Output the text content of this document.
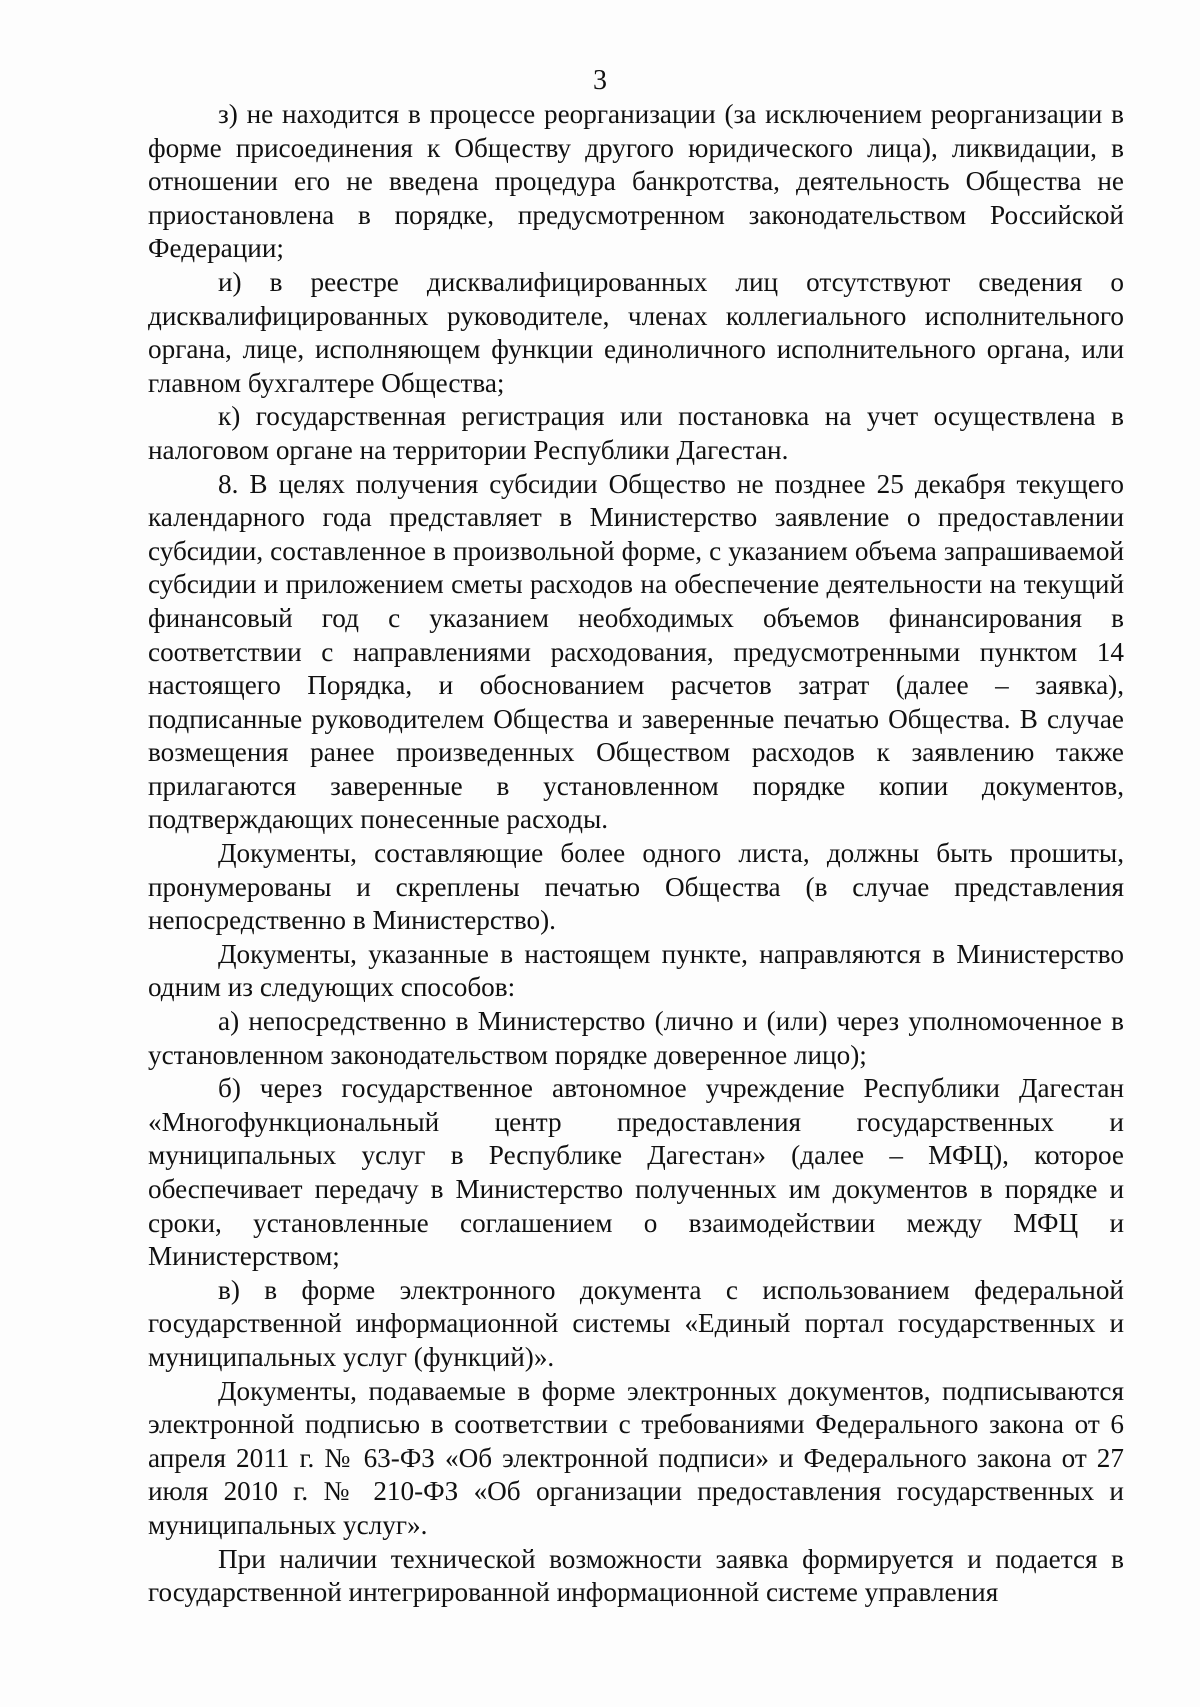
3

з) не находится в процессе реорганизации (за исключением реорганизации в форме присоединения к Обществу другого юридического лица), ликвидации, в отношении его не введена процедура банкротства, деятельность Общества не приостановлена в порядке, предусмотренном законодательством Российской Федерации;

и) в реестре дисквалифицированных лиц отсутствуют сведения о дисквалифицированных руководителе, членах коллегиального исполнительного органа, лице, исполняющем функции единоличного исполнительного органа, или главном бухгалтере Общества;

к) государственная регистрация или постановка на учет осуществлена в налоговом органе на территории Республики Дагестан.

8. В целях получения субсидии Общество не позднее 25 декабря текущего календарного года представляет в Министерство заявление о предоставлении субсидии, составленное в произвольной форме, с указанием объема запрашиваемой субсидии и приложением сметы расходов на обеспечение деятельности на текущий финансовый год с указанием необходимых объемов финансирования в соответствии с направлениями расходования, предусмотренными пунктом 14 настоящего Порядка, и обоснованием расчетов затрат (далее – заявка), подписанные руководителем Общества и заверенные печатью Общества. В случае возмещения ранее произведенных Обществом расходов к заявлению также прилагаются заверенные в установленном порядке копии документов, подтверждающих понесенные расходы.

Документы, составляющие более одного листа, должны быть прошиты, пронумерованы и скреплены печатью Общества (в случае представления непосредственно в Министерство).

Документы, указанные в настоящем пункте, направляются в Министерство одним из следующих способов:

а) непосредственно в Министерство (лично и (или) через уполномоченное в установленном законодательством порядке доверенное лицо);

б) через государственное автономное учреждение Республики Дагестан «Многофункциональный центр предоставления государственных и муниципальных услуг в Республике Дагестан» (далее – МФЦ), которое обеспечивает передачу в Министерство полученных им документов в порядке и сроки, установленные соглашением о взаимодействии между МФЦ и Министерством;

в) в форме электронного документа с использованием федеральной государственной информационной системы «Единый портал государственных и муниципальных услуг (функций)».

Документы, подаваемые в форме электронных документов, подписываются электронной подписью в соответствии с требованиями Федерального закона от 6 апреля 2011 г. № 63-ФЗ «Об электронной подписи» и Федерального закона от 27 июля 2010 г. № 210-ФЗ «Об организации предоставления государственных и муниципальных услуг».

При наличии технической возможности заявка формируется и подается в государственной интегрированной информационной системе управления
